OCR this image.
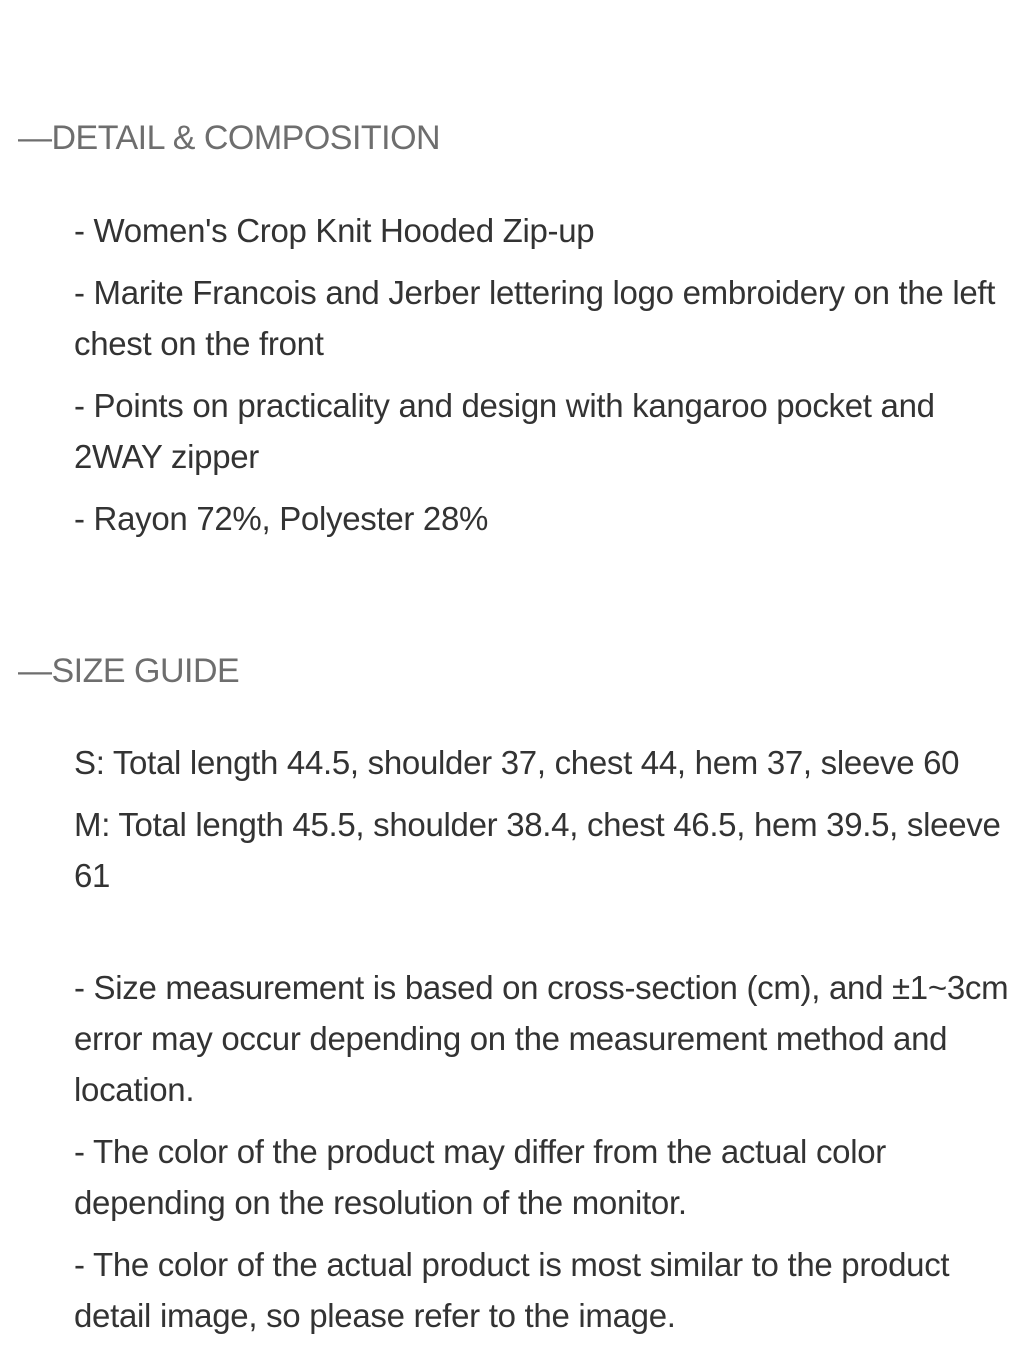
—DETAIL & COMPOSITION

- Women's Crop Knit Hooded Zip-up

- Marite Francois and Jerber lettering logo embroidery on the left chest on the front

- Points on practicality and design with kangaroo pocket and 2WAY zipper

- Rayon 72%, Polyester 28%

—SIZE GUIDE

S: Total length 44.5, shoulder 37, chest 44, hem 37, sleeve 60

M: Total length 45.5, shoulder 38.4, chest 46.5, hem 39.5, sleeve 61

- Size measurement is based on cross-section (cm), and ±1~3cm error may occur depending on the measurement method and location.

- The color of the product may differ from the actual color depending on the resolution of the monitor.

- The color of the actual product is most similar to the product detail image, so please refer to the image.
